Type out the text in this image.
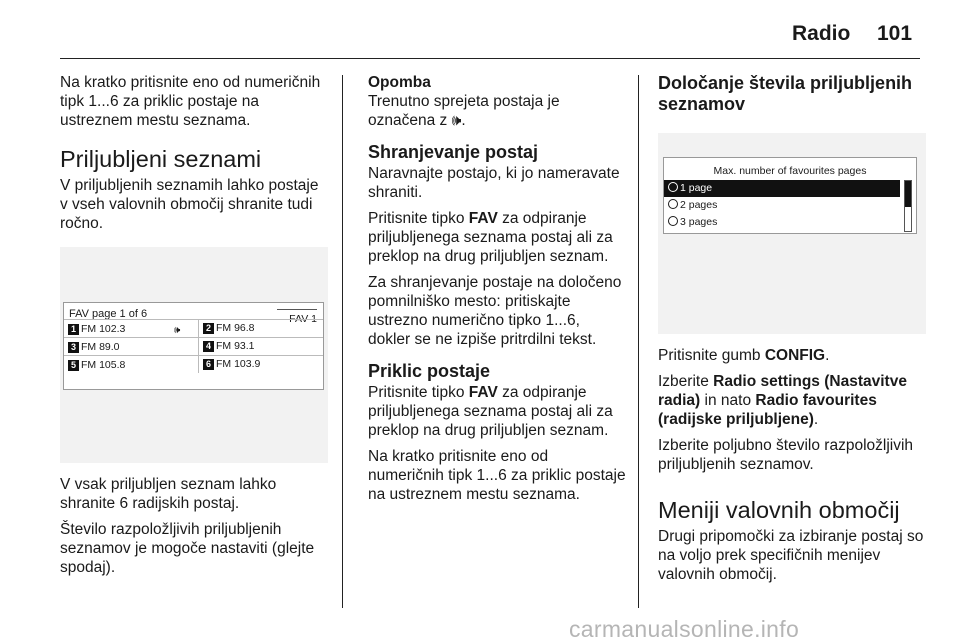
Radio 101

Na kratko pritisnite eno od numeričnih tipk 1...6 za priklic postaje na ustreznem mestu seznama.

Priljubljeni seznami

V priljubljenih seznamih lahko postaje v vseh valovnih območij shranite tudi ročno.

FAV page 1 of 6	FAV 1
1 FM 102.3	🕪	2 FM 96.8
3 FM 89.0	4 FM 93.1
5 FM 105.8	6 FM 103.9

V vsak priljubljen seznam lahko shranite 6 radijskih postaj.

Število razpoložljivih priljubljenih seznamov je mogoče nastaviti (glejte spodaj).

Opomba
Trenutno sprejeta postaja je označena z 🕪.
Shranjevanje postaj

Naravnajte postajo, ki jo nameravate shraniti.

Pritisnite tipko FAV za odpiranje priljubljenega seznama postaj ali za preklop na drug priljubljen seznam.

Za shranjevanje postaje na določeno pomnilniško mesto: pritiskajte ustrezno numerično tipko 1...6, dokler se ne izpiše pritrdilni tekst.

Priklic postaje

Pritisnite tipko FAV za odpiranje priljubljenega seznama postaj ali za preklop na drug priljubljen seznam.

Na kratko pritisnite eno od numeričnih tipk 1...6 za priklic postaje na ustreznem mestu seznama.

Določanje števila priljubljenih seznamov
Max. number of favourites pages
1 page
2 pages
3 pages

Pritisnite gumb CONFIG.

Izberite Radio settings (Nastavitve radia) in nato Radio favourites (radijske priljubljene).

Izberite poljubno število razpoložljivih priljubljenih seznamov.

Meniji valovnih območij

Drugi pripomočki za izbiranje postaj so na voljo prek specifičnih menijev valovnih območij.

carmanualsonline.info
